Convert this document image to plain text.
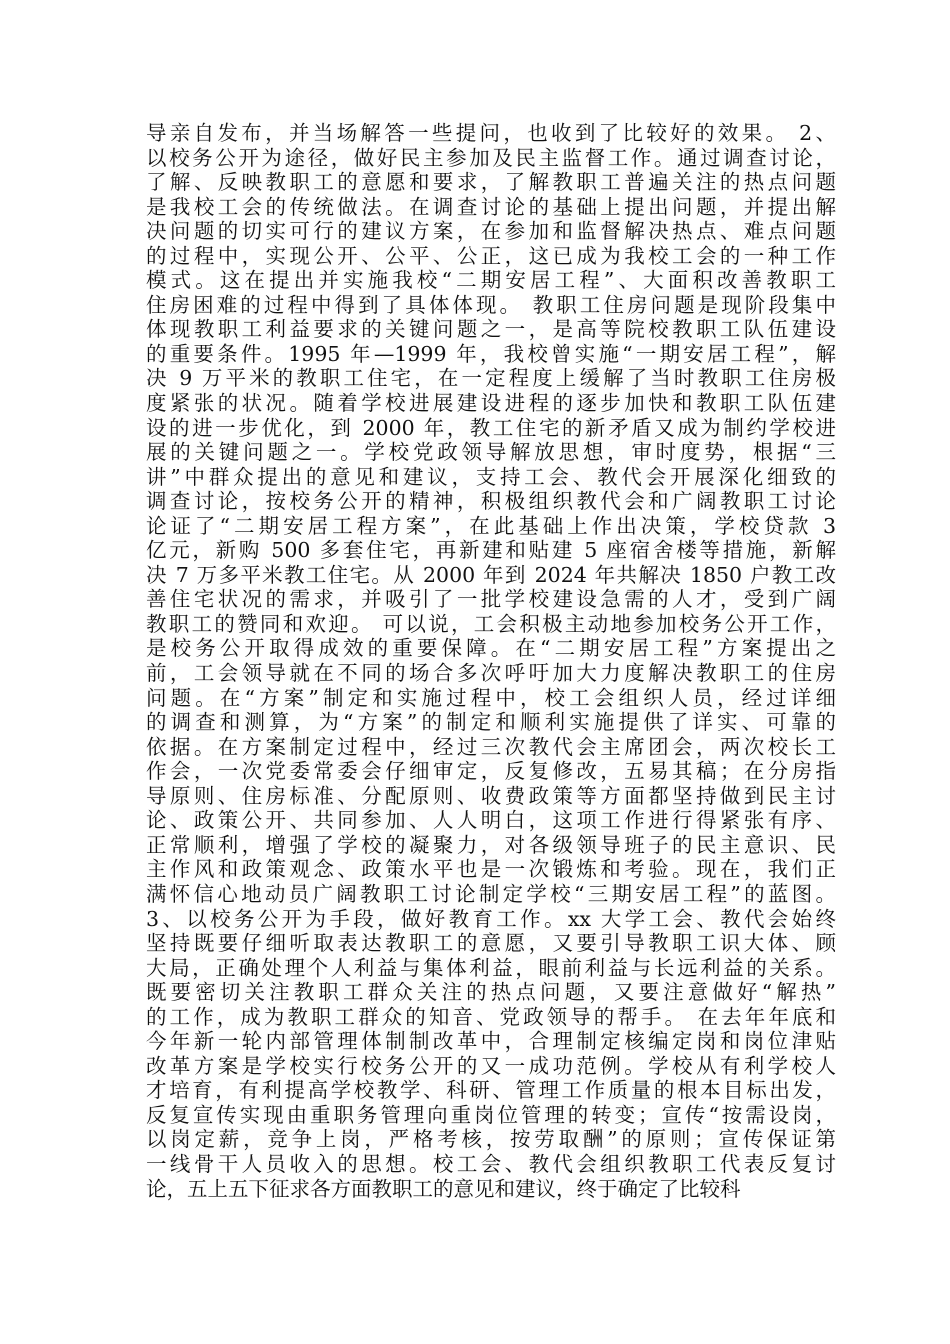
导亲自发布，并当场解答一些提问，也收到了比较好的效果。 2、
以校务公开为途径，做好民主参加及民主监督工作。通过调查讨论，
了解、反映教职工的意愿和要求，了解教职工普遍关注的热点问题
是我校工会的传统做法。在调查讨论的基础上提出问题，并提出解
决问题的切实可行的建议方案，在参加和监督解决热点、难点问题
的过程中，实现公开、公平、公正，这已成为我校工会的一种工作
模式。这在提出并实施我校“二期安居工程”、大面积改善教职工
住房困难的过程中得到了具体体现。 教职工住房问题是现阶段集中
体现教职工利益要求的关键问题之一，是高等院校教职工队伍建设
的重要条件。1995 年—1999 年，我校曾实施“一期安居工程”，解
决 9 万平米的教职工住宅，在一定程度上缓解了当时教职工住房极
度紧张的状况。随着学校进展建设进程的逐步加快和教职工队伍建
设的进一步优化，到 2000 年，教工住宅的新矛盾又成为制约学校进
展的关键问题之一。学校党政领导解放思想，审时度势，根据“三
讲”中群众提出的意见和建议，支持工会、教代会开展深化细致的
调查讨论，按校务公开的精神，积极组织教代会和广阔教职工讨论
论证了“二期安居工程方案”，在此基础上作出决策，学校贷款 3
亿元，新购 500 多套住宅，再新建和贴建 5 座宿舍楼等措施，新解
决 7 万多平米教工住宅。从 2000 年到 2024 年共解决 1850 户教工改
善住宅状况的需求，并吸引了一批学校建设急需的人才，受到广阔
教职工的赞同和欢迎。 可以说，工会积极主动地参加校务公开工作，
是校务公开取得成效的重要保障。在“二期安居工程”方案提出之
前，工会领导就在不同的场合多次呼吁加大力度解决教职工的住房
问题。在“方案”制定和实施过程中，校工会组织人员，经过详细
的调查和测算，为“方案”的制定和顺利实施提供了详实、可靠的
依据。在方案制定过程中，经过三次教代会主席团会，两次校长工
作会，一次党委常委会仔细审定，反复修改，五易其稿；在分房指
导原则、住房标准、分配原则、收费政策等方面都坚持做到民主讨
论、政策公开、共同参加、人人明白，这项工作进行得紧张有序、
正常顺利，增强了学校的凝聚力，对各级领导班子的民主意识、民
主作风和政策观念、政策水平也是一次锻炼和考验。现在，我们正
满怀信心地动员广阔教职工讨论制定学校“三期安居工程”的蓝图。
3、以校务公开为手段，做好教育工作。xx 大学工会、教代会始终
坚持既要仔细听取表达教职工的意愿，又要引导教职工识大体、顾
大局，正确处理个人利益与集体利益，眼前利益与长远利益的关系。
既要密切关注教职工群众关注的热点问题，又要注意做好“解热”
的工作，成为教职工群众的知音、党政领导的帮手。 在去年年底和
今年新一轮内部管理体制制改革中，合理制定核编定岗和岗位津贴
改革方案是学校实行校务公开的又一成功范例。学校从有利学校人
才培育，有利提高学校教学、科研、管理工作质量的根本目标出发，
反复宣传实现由重职务管理向重岗位管理的转变；宣传“按需设岗，
以岗定薪，竞争上岗，严格考核，按劳取酬”的原则；宣传保证第
一线骨干人员收入的思想。校工会、教代会组织教职工代表反复讨
论，五上五下征求各方面教职工的意见和建议，终于确定了比较科
